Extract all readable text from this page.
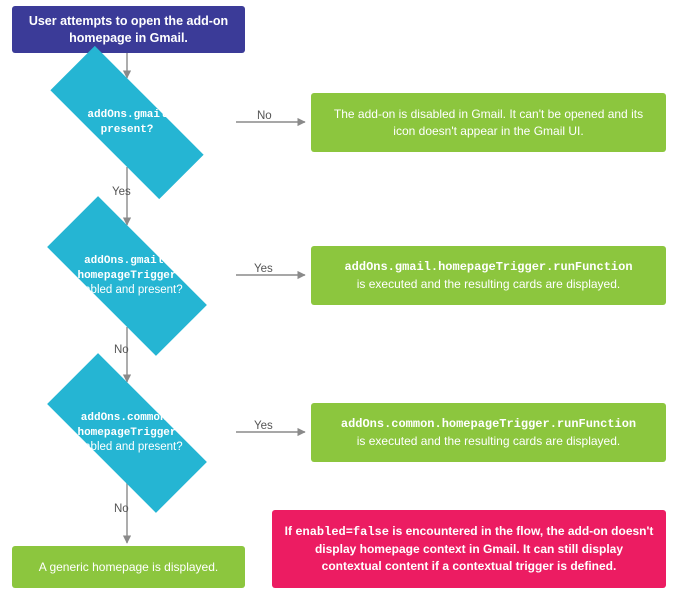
User attempts to open the add-on homepage in Gmail.
addOns.gmail
present?
addOns.gmail.
homepageTrigger
enabled and present?
addOns.common.
homepageTrigger
enabled and present?
The add-on is disabled in Gmail. It can't be opened and its icon doesn't appear in the Gmail UI.
addOns.gmail.homepageTrigger.runFunction
is executed and the resulting cards are displayed.
addOns.common.homepageTrigger.runFunction
is executed and the resulting cards are displayed.
A generic homepage is displayed.
If enabled=false is encountered in the flow, the add-on doesn't display homepage context in Gmail. It can still display contextual content if a contextual trigger is defined.
No
Yes
Yes
No
Yes
No
